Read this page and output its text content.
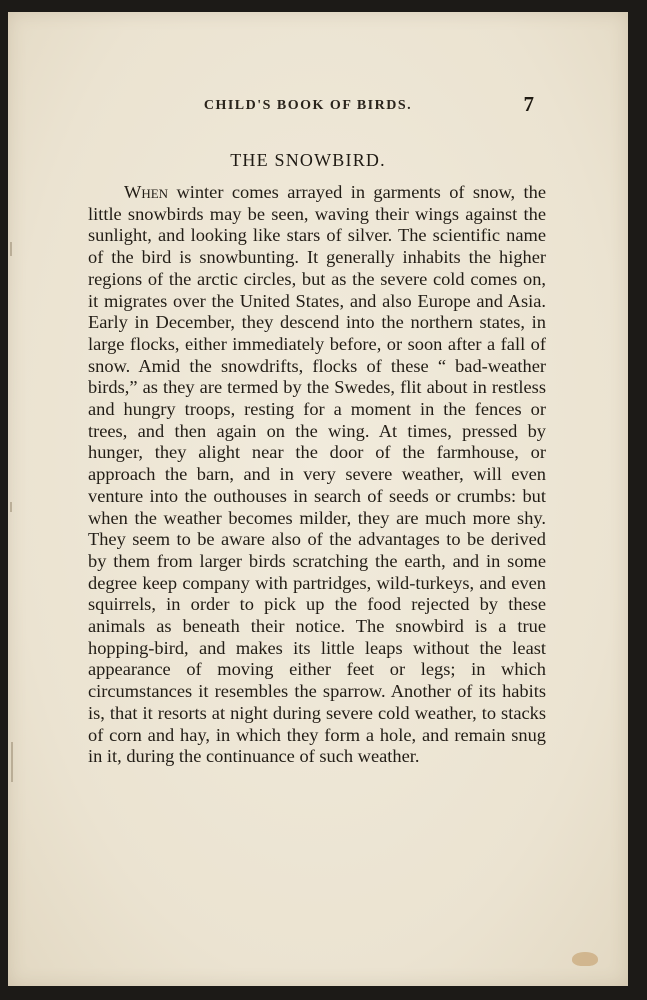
CHILD'S BOOK OF BIRDS.	7
THE SNOWBIRD.

When winter comes arrayed in garments of snow, the little snowbirds may be seen, waving their wings against the sunlight, and looking like stars of silver. The scientific name of the bird is snowbunting. It generally inhabits the higher regions of the arctic circles, but as the severe cold comes on, it migrates over the United States, and also Europe and Asia. Early in December, they descend into the northern states, in large flocks, either immediately before, or soon after a fall of snow. Amid the snowdrifts, flocks of these “ bad-weather birds,” as they are termed by the Swedes, flit about in restless and hungry troops, resting for a moment in the fences or trees, and then again on the wing. At times, pressed by hunger, they alight near the door of the farmhouse, or approach the barn, and in very severe weather, will even venture into the outhouses in search of seeds or crumbs: but when the weather becomes milder, they are much more shy. They seem to be aware also of the advantages to be derived by them from larger birds scratching the earth, and in some degree keep company with partridges, wild-turkeys, and even squirrels, in order to pick up the food rejected by these animals as beneath their notice. The snowbird is a true hopping-bird, and makes its little leaps without the least appearance of moving either feet or legs; in which circumstances it resembles the sparrow. Another of its habits is, that it resorts at night during severe cold weather, to stacks of corn and hay, in which they form a hole, and remain snug in it, during the continuance of such weather.
